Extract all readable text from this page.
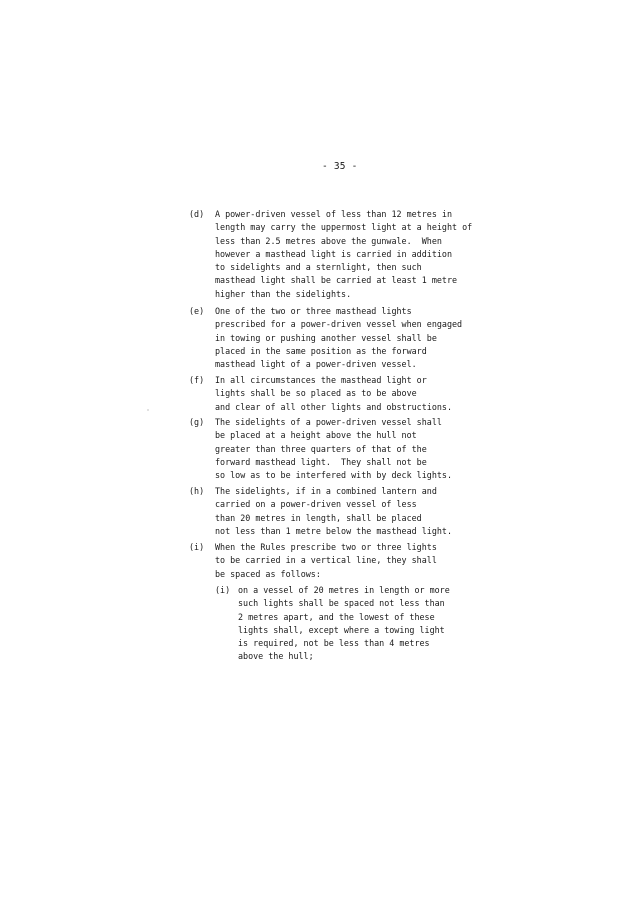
- 35 -
(d) A power-driven vessel of less than 12 metres in
length may carry the uppermost light at a height of
less than 2.5 metres above the gunwale.  When
however a masthead light is carried in addition
to sidelights and a sternlight, then such
masthead light shall be carried at least 1 metre
higher than the sidelights.
(e) One of the two or three masthead lights
prescribed for a power-driven vessel when engaged
in towing or pushing another vessel shall be
placed in the same position as the forward
masthead light of a power-driven vessel.
(f) In all circumstances the masthead light or
lights shall be so placed as to be above
and clear of all other lights and obstructions.
(g) The sidelights of a power-driven vessel shall
be placed at a height above the hull not
greater than three quarters of that of the
forward masthead light.  They shall not be
so low as to be interfered with by deck lights.
(h) The sidelights, if in a combined lantern and
carried on a power-driven vessel of less
than 20 metres in length, shall be placed
not less than 1 metre below the masthead light.
(i) When the Rules prescribe two or three lights
to be carried in a vertical line, they shall
be spaced as follows:
(i) on a vessel of 20 metres in length or more
such lights shall be spaced not less than
2 metres apart, and the lowest of these
lights shall, except where a towing light
is required, not be less than 4 metres
above the hull;
